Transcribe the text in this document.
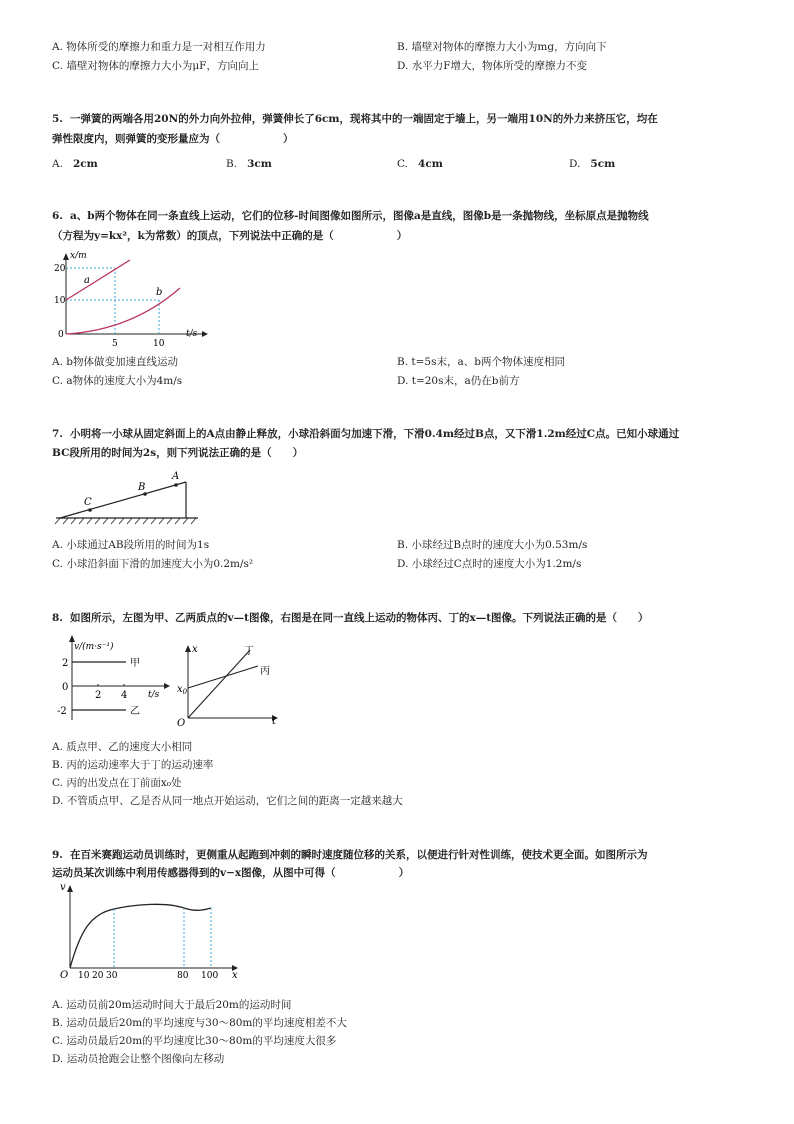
A. 物体所受的摩擦力和重力是一对相互作用力	B. 墙壁对物体的摩擦力大小为mg，方向向下
C. 墙壁对物体的摩擦力大小为μF，方向向上	D. 水平力F增大，物体所受的摩擦力不变
5. 一弹簧的两端各用20N的外力向外拉伸，弹簧伸长了6cm，现将其中的一端固定于墙上，另一端用10N的外力来挤压它，均在
弹性限度内，则弹簧的变形量应为（　　　　　　）
A. 2cm	B. 3cm	C. 4cm	D. 5cm
6. a、b两个物体在同一条直线上运动，它们的位移-时间图像如图所示，图像a是直线，图像b是一条抛物线，坐标原点是抛物线
（方程为y=kx²，k为常数）的顶点，下列说法中正确的是（　　　　　　）
x/m
t/s
20
10
0
5	10
a
b
A. b物体做变加速直线运动	B. t=5s末，a、b两个物体速度相同
C. a物体的速度大小为4m/s	D. t=20s末，a仍在b前方
7. 小明将一小球从固定斜面上的A点由静止释放，小球沿斜面匀加速下滑，下滑0.4m经过B点，又下滑1.2m经过C点。已知小球通过
BC段所用的时间为2s，则下列说法正确的是（　　）
A
B
C
A. 小球通过AB段所用的时间为1s	B. 小球经过B点时的速度大小为0.53m/s
C. 小球沿斜面下滑的加速度大小为0.2m/s²	D. 小球经过C点时的速度大小为1.2m/s
8. 如图所示，左图为甲、乙两质点的v—t图像，右图是在同一直线上运动的物体丙、丁的x—t图像。下列说法正确的是（　　）
v/(m·s⁻¹)
t/s
2
0
-2
2 4
甲
乙
x
t
$x_0$
O
丁
丙
A. 质点甲、乙的速度大小相同
B. 丙的运动速率大于丁的运动速率
C. 丙的出发点在丁前面x₀处
D. 不管质点甲、乙是否从同一地点开始运动，它们之间的距离一定越来越大
9. 在百米赛跑运动员训练时，更侧重从起跑到冲刺的瞬时速度随位移的关系，以便进行针对性训练，使技术更全面。如图所示为
运动员某次训练中利用传感器得到的v−x图像，从图中可得（　　　　　　）
v
x
O 10 20 30	80 100
A. 运动员前20m运动时间大于最后20m的运动时间
B. 运动员最后20m的平均速度与30～80m的平均速度相差不大
C. 运动员最后20m的平均速度比30～80m的平均速度大很多
D. 运动员抢跑会让整个图像向左移动
